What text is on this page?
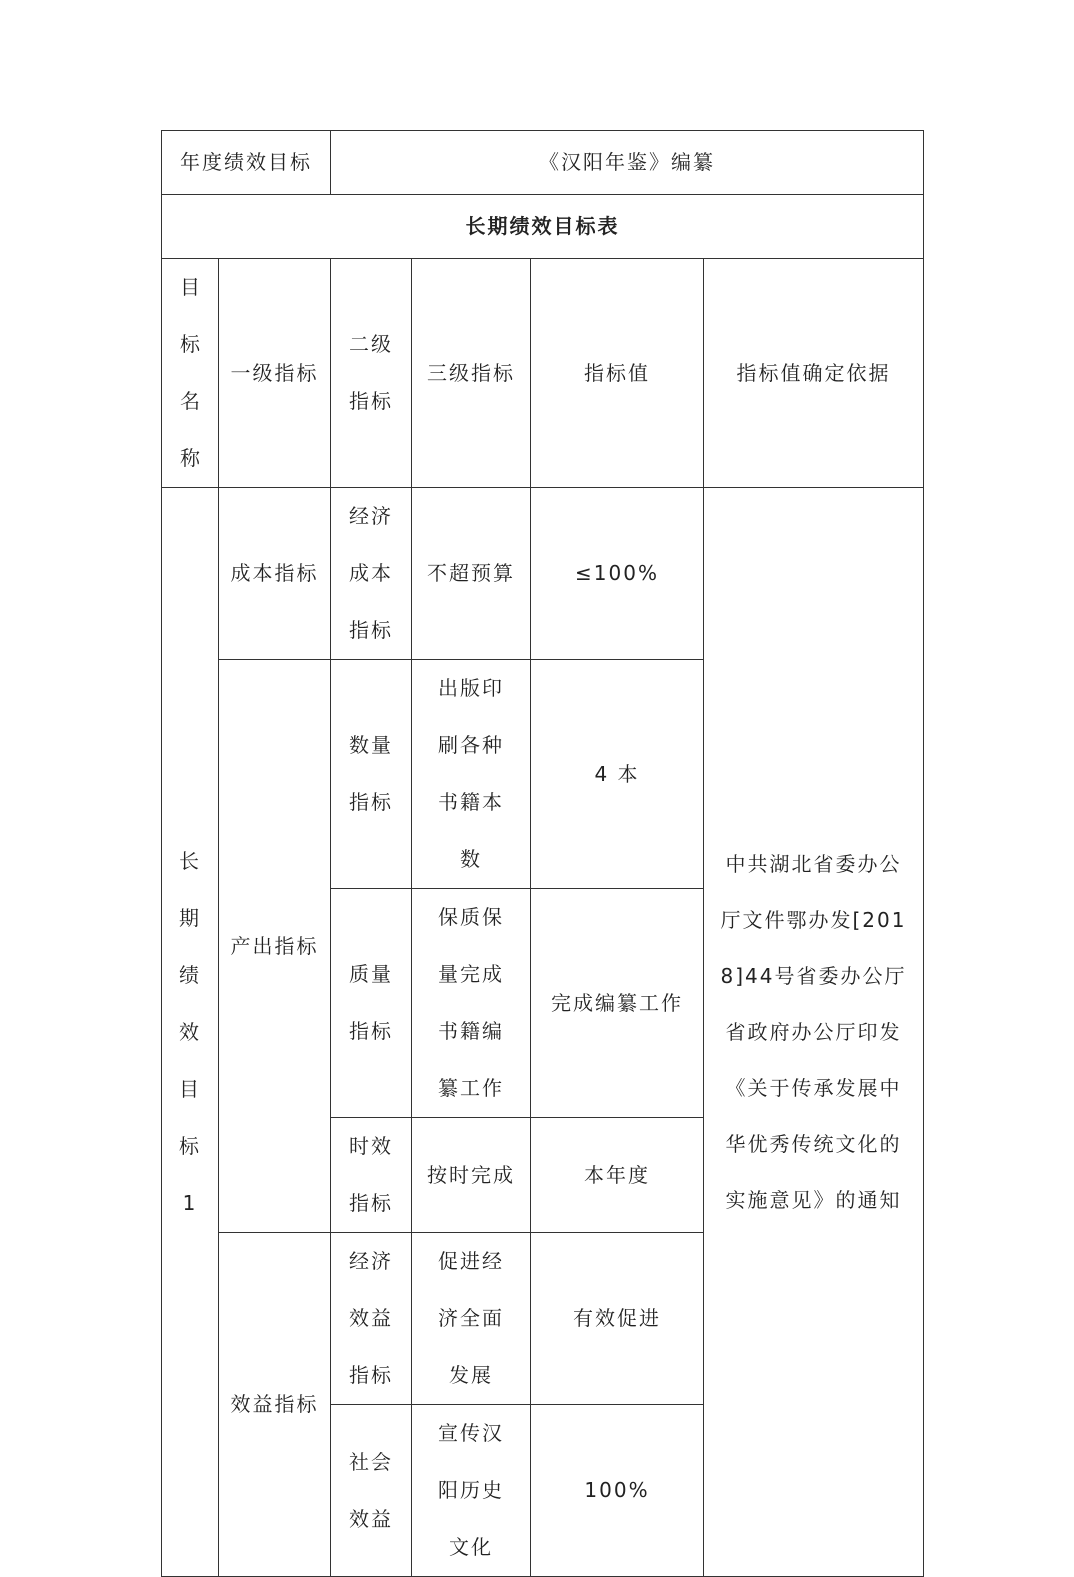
年度绩效目标		《汉阳年鉴》编纂			
长期绩效目标表					

目标名称	一级指标	二级指标	三级指标	指标值	指标值确定依据

长期绩效目标1	成本指标	经济成本指标	不超预算	≤100%	中共湖北省委办公厅文件鄂办发[2018]44号省委办公厅 省政府办公厅印发《关于传承发展中华优秀传统文化的实施意见》的通知

	产出指标	数量指标	出版印刷各种书籍本数	4 本	

		质量指标	保质保量完成书籍编纂工作	完成编纂工作	

		时效指标	按时完成	本年度	
	效益指标	经济效益指标	促进经济全面发展	有效促进	

		社会效益	宣传汉阳历史文化	100%	
